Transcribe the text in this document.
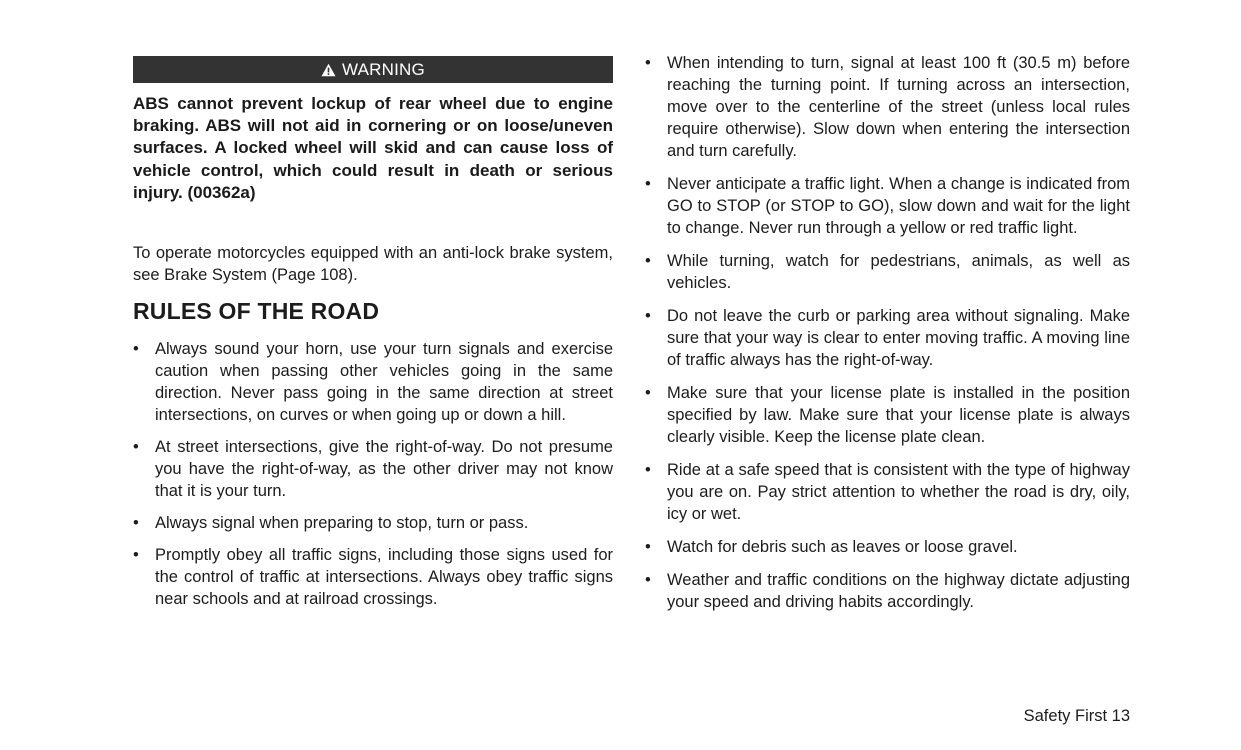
WARNING

ABS cannot prevent lockup of rear wheel due to engine braking. ABS will not aid in cornering or on loose/uneven surfaces. A locked wheel will skid and can cause loss of vehicle control, which could result in death or serious injury. (00362a)

To operate motorcycles equipped with an anti-lock brake system, see Brake System (Page 108).

RULES OF THE ROAD
• Always sound your horn, use your turn signals and exercise caution when passing other vehicles going in the same direction. Never pass going in the same direction at street intersections, on curves or when going up or down a hill.
• At street intersections, give the right-of-way. Do not presume you have the right-of-way, as the other driver may not know that it is your turn.
• Always signal when preparing to stop, turn or pass.
• Promptly obey all traffic signs, including those signs used for the control of traffic at intersections. Always obey traffic signs near schools and at railroad crossings.
• When intending to turn, signal at least 100 ft (30.5 m) before reaching the turning point. If turning across an intersection, move over to the centerline of the street (unless local rules require otherwise). Slow down when entering the intersection and turn carefully.
• Never anticipate a traffic light. When a change is indicated from GO to STOP (or STOP to GO), slow down and wait for the light to change. Never run through a yellow or red traffic light.
• While turning, watch for pedestrians, animals, as well as vehicles.
• Do not leave the curb or parking area without signaling. Make sure that your way is clear to enter moving traffic. A moving line of traffic always has the right-of-way.
• Make sure that your license plate is installed in the position specified by law. Make sure that your license plate is always clearly visible. Keep the license plate clean.
• Ride at a safe speed that is consistent with the type of highway you are on. Pay strict attention to whether the road is dry, oily, icy or wet.
• Watch for debris such as leaves or loose gravel.
• Weather and traffic conditions on the highway dictate adjusting your speed and driving habits accordingly.
Safety First 13
